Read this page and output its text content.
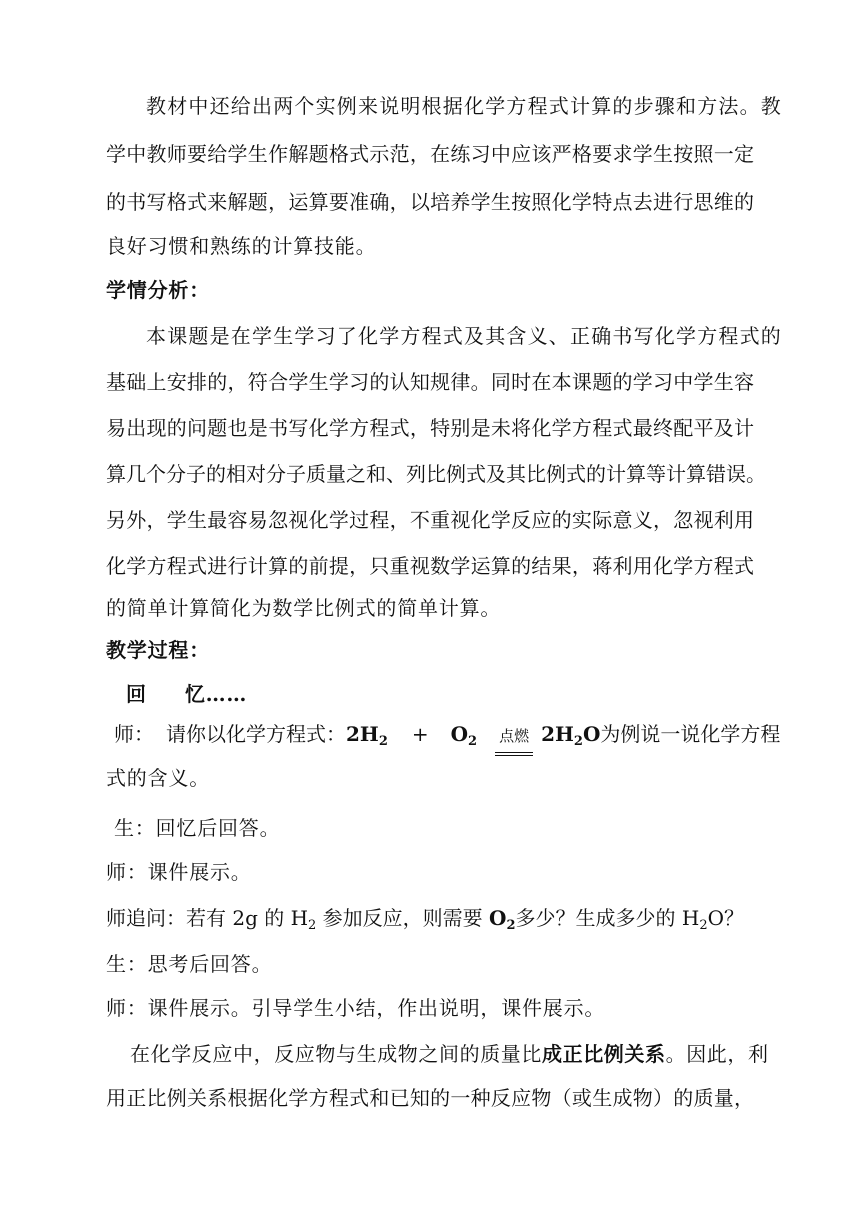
教材中还给出两个实例来说明根据化学方程式计算的步骤和方法。教
学中教师要给学生作解题格式示范，在练习中应该严格要求学生按照一定
的书写格式来解题，运算要准确，以培养学生按照化学特点去进行思维的
良好习惯和熟练的计算技能。
学情分析：
本课题是在学生学习了化学方程式及其含义、正确书写化学方程式的
基础上安排的，符合学生学习的认知规律。同时在本课题的学习中学生容
易出现的问题也是书写化学方程式，特别是未将化学方程式最终配平及计
算几个分子的相对分子质量之和、列比例式及其比例式的计算等计算错误。
另外，学生最容易忽视化学过程，不重视化学反应的实际意义，忽视利用
化学方程式进行计算的前提，只重视数学运算的结果，蒋利用化学方程式
的简单计算简化为数学比例式的简单计算。
教学过程：
回 忆……
师： 请你以化学方程式：$2H_2 + O_2$ 点燃 $2H_2O$为例说一说化学方程
式的含义。
生：回忆后回答。
师：课件展示。
师追问：若有 2g 的 $H_2$ 参加反应，则需要 $O_2$多少？生成多少的 $H_2O$？
生：思考后回答。
师：课件展示。引导学生小结，作出说明，课件展示。
在化学反应中，反应物与生成物之间的质量比成正比例关系。因此，利
用正比例关系根据化学方程式和已知的一种反应物（或生成物）的质量，
